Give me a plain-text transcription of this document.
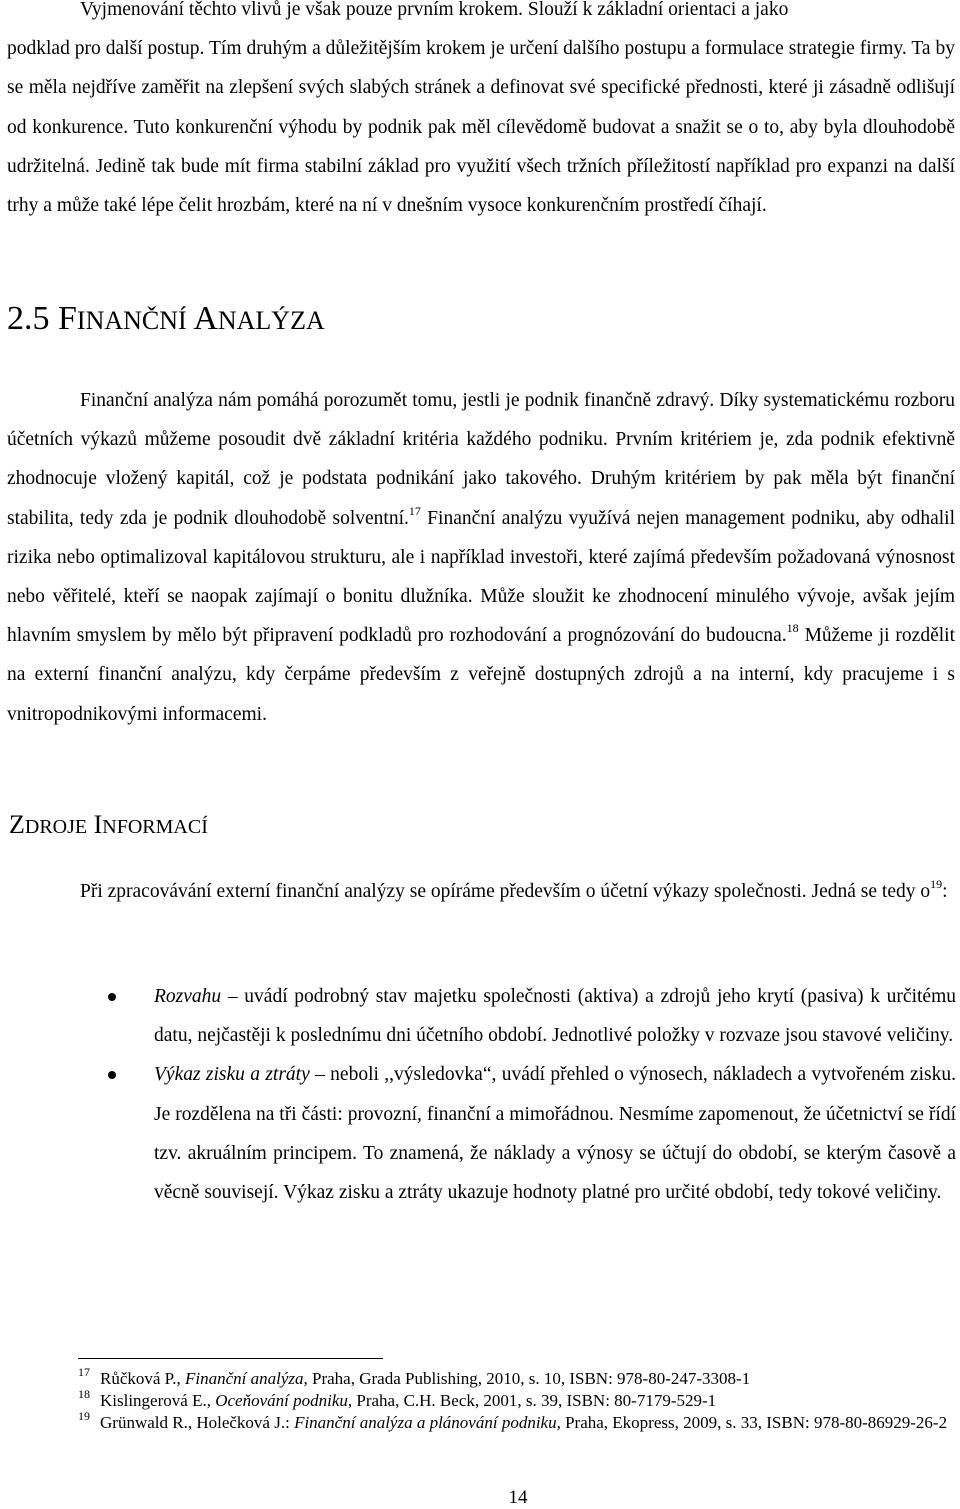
Vyjmenování těchto vlivů je však pouze prvním krokem. Slouží k základní orientaci a jako
podklad pro další postup. Tím druhým a důležitějším krokem je určení dalšího postupu a formulace strategie firmy. Ta by se měla nejdříve zaměřit na zlepšení svých slabých stránek a definovat své specifické přednosti, které ji zásadně odlišují od konkurence. Tuto konkurenční výhodu by podnik pak měl cílevědomě budovat a snažit se o to, aby byla dlouhodobě udržitelná. Jedině tak bude mít firma stabilní základ pro využití všech tržních příležitostí například pro expanzi na další trhy a může také lépe čelit hrozbám, které na ní v dnešním vysoce konkurenčním prostředí číhají.

2.5 FINANČNÍ ANALÝZA

Finanční analýza nám pomáhá porozumět tomu, jestli je podnik finančně zdravý. Díky systematickému rozboru účetních výkazů můžeme posoudit dvě základní kritéria každého podniku. Prvním kritériem je, zda podnik efektivně zhodnocuje vložený kapitál, což je podstata podnikání jako takového. Druhým kritériem by pak měla být finanční stabilita, tedy zda je podnik dlouhodobě solventní.$^{17}$ Finanční analýzu využívá nejen management podniku, aby odhalil rizika nebo optimalizoval kapitálovou strukturu, ale i například investoři, které zajímá především požadovaná výnosnost nebo věřitelé, kteří se naopak zajímají o bonitu dlužníka. Může sloužit ke zhodnocení minulého vývoje, avšak jejím hlavním smyslem by mělo být připravení podkladů pro rozhodování a prognózování do budoucna.$^{18}$ Můžeme ji rozdělit na externí finanční analýzu, kdy čerpáme především z veřejně dostupných zdrojů a na interní, kdy pracujeme i s vnitropodnikovými informacemi.

ZDROJE INFORMACÍ

Při zpracovávání externí finanční analýzy se opíráme především o účetní výkazy společnosti. Jedná se tedy $o^{19}$:

Rozvahu – uvádí podrobný stav majetku společnosti (aktiva) a zdrojů jeho krytí (pasiva) k určitému datu, nejčastěji k poslednímu dni účetního období. Jednotlivé položky v rozvaze jsou stavové veličiny.
Výkaz zisku a ztráty – neboli ,,výsledovka“, uvádí přehled o výnosech, nákladech a vytvořeném zisku. Je rozdělena na tři části: provozní, finanční a mimořádnou. Nesmíme zapomenout, že účetnictví se řídí tzv. akruálním principem. To znamená, že náklady a výnosy se účtují do období, se kterým časově a věcně souvisejí. Výkaz zisku a ztráty ukazuje hodnoty platné pro určité období, tedy tokové veličiny.
17 Růčková P., Finanční analýza, Praha, Grada Publishing, 2010, s. 10, ISBN: 978-80-247-3308-1
18 Kislingerová E., Oceňování podniku, Praha, C.H. Beck, 2001, s. 39, ISBN: 80-7179-529-1
19 Grünwald R., Holečková J.: Finanční analýza a plánování podniku, Praha, Ekopress, 2009, s. 33, ISBN: 978-80-86929-26-2
14
